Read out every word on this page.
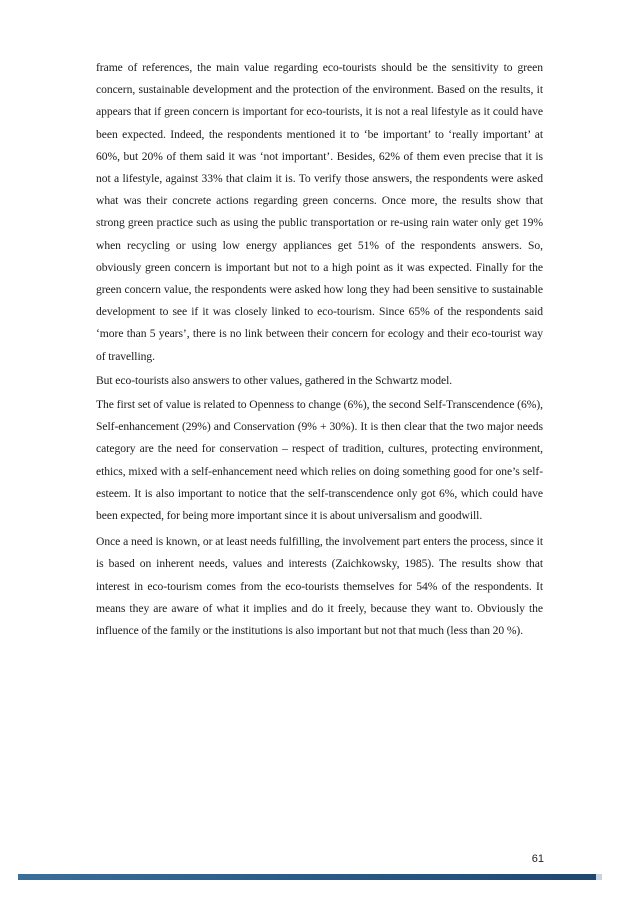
frame of references, the main value regarding eco-tourists should be the sensitivity to green concern, sustainable development and the protection of the environment. Based on the results, it appears that if green concern is important for eco-tourists, it is not a real lifestyle as it could have been expected. Indeed, the respondents mentioned it to ‘be important’ to ‘really important’ at 60%, but 20% of them said it was ‘not important’. Besides, 62% of them even precise that it is not a lifestyle, against 33% that claim it is. To verify those answers, the respondents were asked what was their concrete actions regarding green concerns. Once more, the results show that strong green practice such as using the public transportation or re-using rain water only get 19% when recycling or using low energy appliances get 51% of the respondents answers. So, obviously green concern is important but not to a high point as it was expected. Finally for the green concern value, the respondents were asked how long they had been sensitive to sustainable development to see if it was closely linked to eco-tourism. Since 65% of the respondents said ‘more than 5 years’, there is no link between their concern for ecology and their eco-tourist way of travelling.

But eco-tourists also answers to other values, gathered in the Schwartz model.

The first set of value is related to Openness to change (6%), the second Self-Transcendence (6%), Self-enhancement (29%) and Conservation (9% + 30%). It is then clear that the two major needs category are the need for conservation – respect of tradition, cultures, protecting environment, ethics, mixed with a self-enhancement need which relies on doing something good for one’s self-esteem. It is also important to notice that the self-transcendence only got 6%, which could have been expected, for being more important since it is about universalism and goodwill.

Once a need is known, or at least needs fulfilling, the involvement part enters the process, since it is based on inherent needs, values and interests (Zaichkowsky, 1985). The results show that interest in eco-tourism comes from the eco-tourists themselves for 54% of the respondents. It means they are aware of what it implies and do it freely, because they want to. Obviously the influence of the family or the institutions is also important but not that much (less than 20 %).

61
